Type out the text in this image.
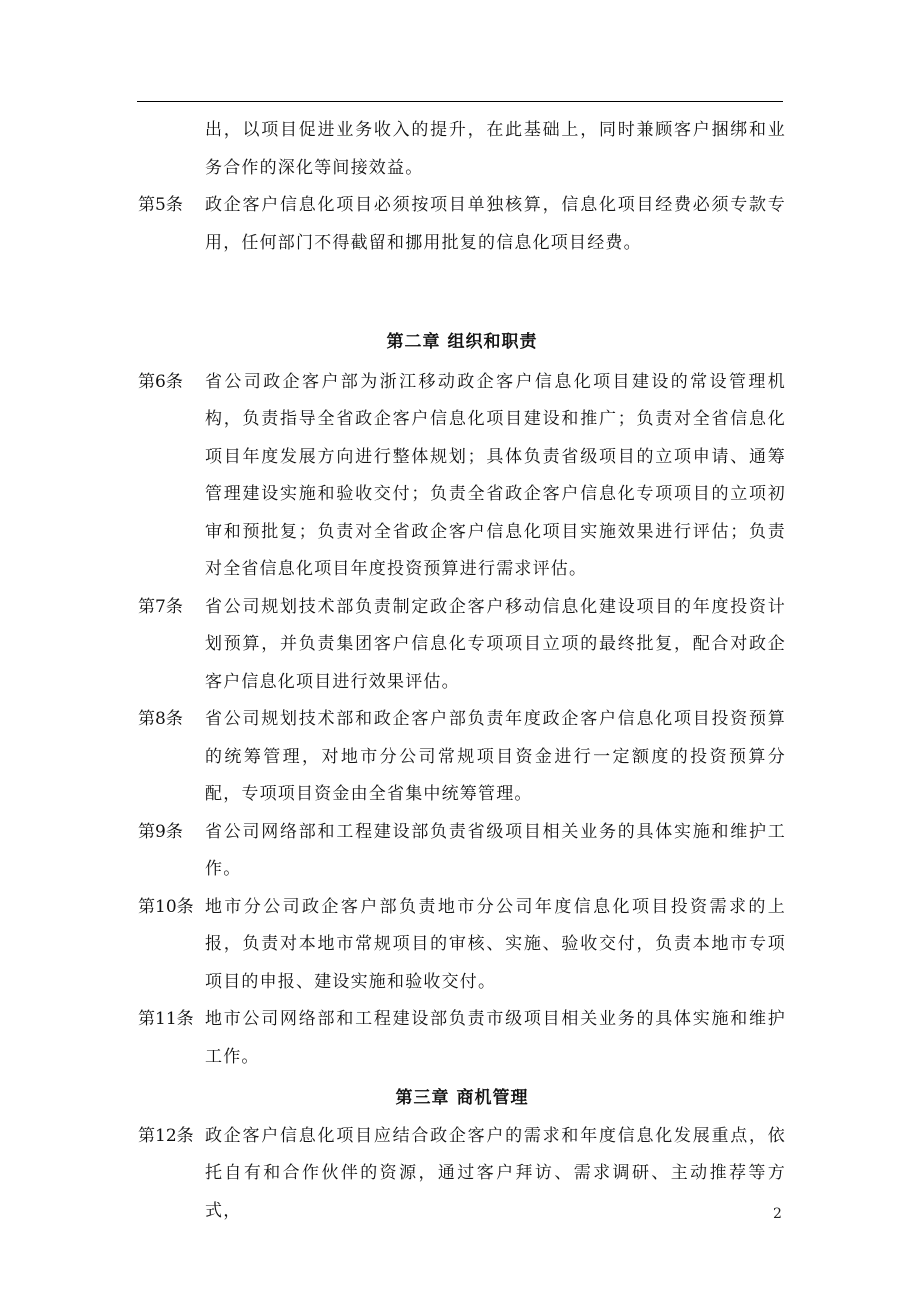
出，以项目促进业务收入的提升，在此基础上，同时兼顾客户捆绑和业务合作的深化等间接效益。
第5条 政企客户信息化项目必须按项目单独核算，信息化项目经费必须专款专用，任何部门不得截留和挪用批复的信息化项目经费。
第二章 组织和职责
第6条 省公司政企客户部为浙江移动政企客户信息化项目建设的常设管理机构，负责指导全省政企客户信息化项目建设和推广；负责对全省信息化项目年度发展方向进行整体规划；具体负责省级项目的立项申请、通筹管理建设实施和验收交付；负责全省政企客户信息化专项项目的立项初审和预批复；负责对全省政企客户信息化项目实施效果进行评估；负责对全省信息化项目年度投资预算进行需求评估。
第7条 省公司规划技术部负责制定政企客户移动信息化建设项目的年度投资计划预算，并负责集团客户信息化专项项目立项的最终批复，配合对政企客户信息化项目进行效果评估。
第8条 省公司规划技术部和政企客户部负责年度政企客户信息化项目投资预算的统筹管理，对地市分公司常规项目资金进行一定额度的投资预算分配，专项项目资金由全省集中统筹管理。
第9条 省公司网络部和工程建设部负责省级项目相关业务的具体实施和维护工作。
第10条 地市分公司政企客户部负责地市分公司年度信息化项目投资需求的上报，负责对本地市常规项目的审核、实施、验收交付，负责本地市专项项目的申报、建设实施和验收交付。
第11条 地市公司网络部和工程建设部负责市级项目相关业务的具体实施和维护工作。
第三章 商机管理
第12条 政企客户信息化项目应结合政企客户的需求和年度信息化发展重点，依托自有和合作伙伴的资源，通过客户拜访、需求调研、主动推荐等方式，	2
